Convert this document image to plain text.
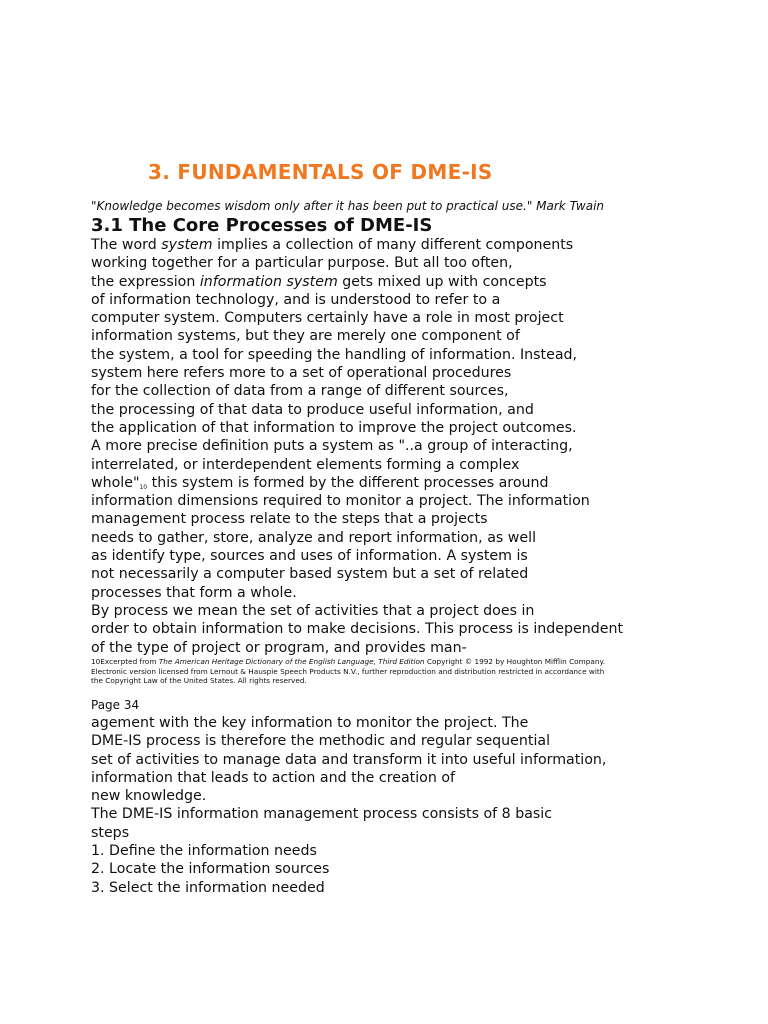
3. FUNDAMENTALS OF DME-IS
"Knowledge becomes wisdom only after it has been put to practical use." Mark Twain
3.1 The Core Processes of DME-IS
The word system implies a collection of many different components
working together for a particular purpose. But all too often,
the expression information system gets mixed up with concepts
of information technology, and is understood to refer to a
computer system. Computers certainly have a role in most project
information systems, but they are merely one component of
the system, a tool for speeding the handling of information. Instead,
system here refers more to a set of operational procedures
for the collection of data from a range of different sources,
the processing of that data to produce useful information, and
the application of that information to improve the project outcomes.
A more precise definition puts a system as "..a group of interacting,
interrelated, or interdependent elements forming a complex
whole"10 this system is formed by the different processes around
information dimensions required to monitor a project. The information
management process relate to the steps that a projects
needs to gather, store, analyze and report information, as well
as identify type, sources and uses of information. A system is
not necessarily a computer based system but a set of related
processes that form a whole.
By process we mean the set of activities that a project does in
order to obtain information to make decisions. This process is independent
of the type of project or program, and provides man-
10Excerpted from The American Heritage Dictionary of the English Language, Third Edition Copyright © 1992 by Houghton Mifflin Company.
Electronic version licensed from Lernout & Hauspie Speech Products N.V., further reproduction and distribution restricted in accordance with
the Copyright Law of the United States. All rights reserved.
Page 34
agement with the key information to monitor the project. The
DME-IS process is therefore the methodic and regular sequential
set of activities to manage data and transform it into useful information,
information that leads to action and the creation of
new knowledge.
The DME-IS information management process consists of 8 basic
steps
1. Define the information needs
2. Locate the information sources
3. Select the information needed
